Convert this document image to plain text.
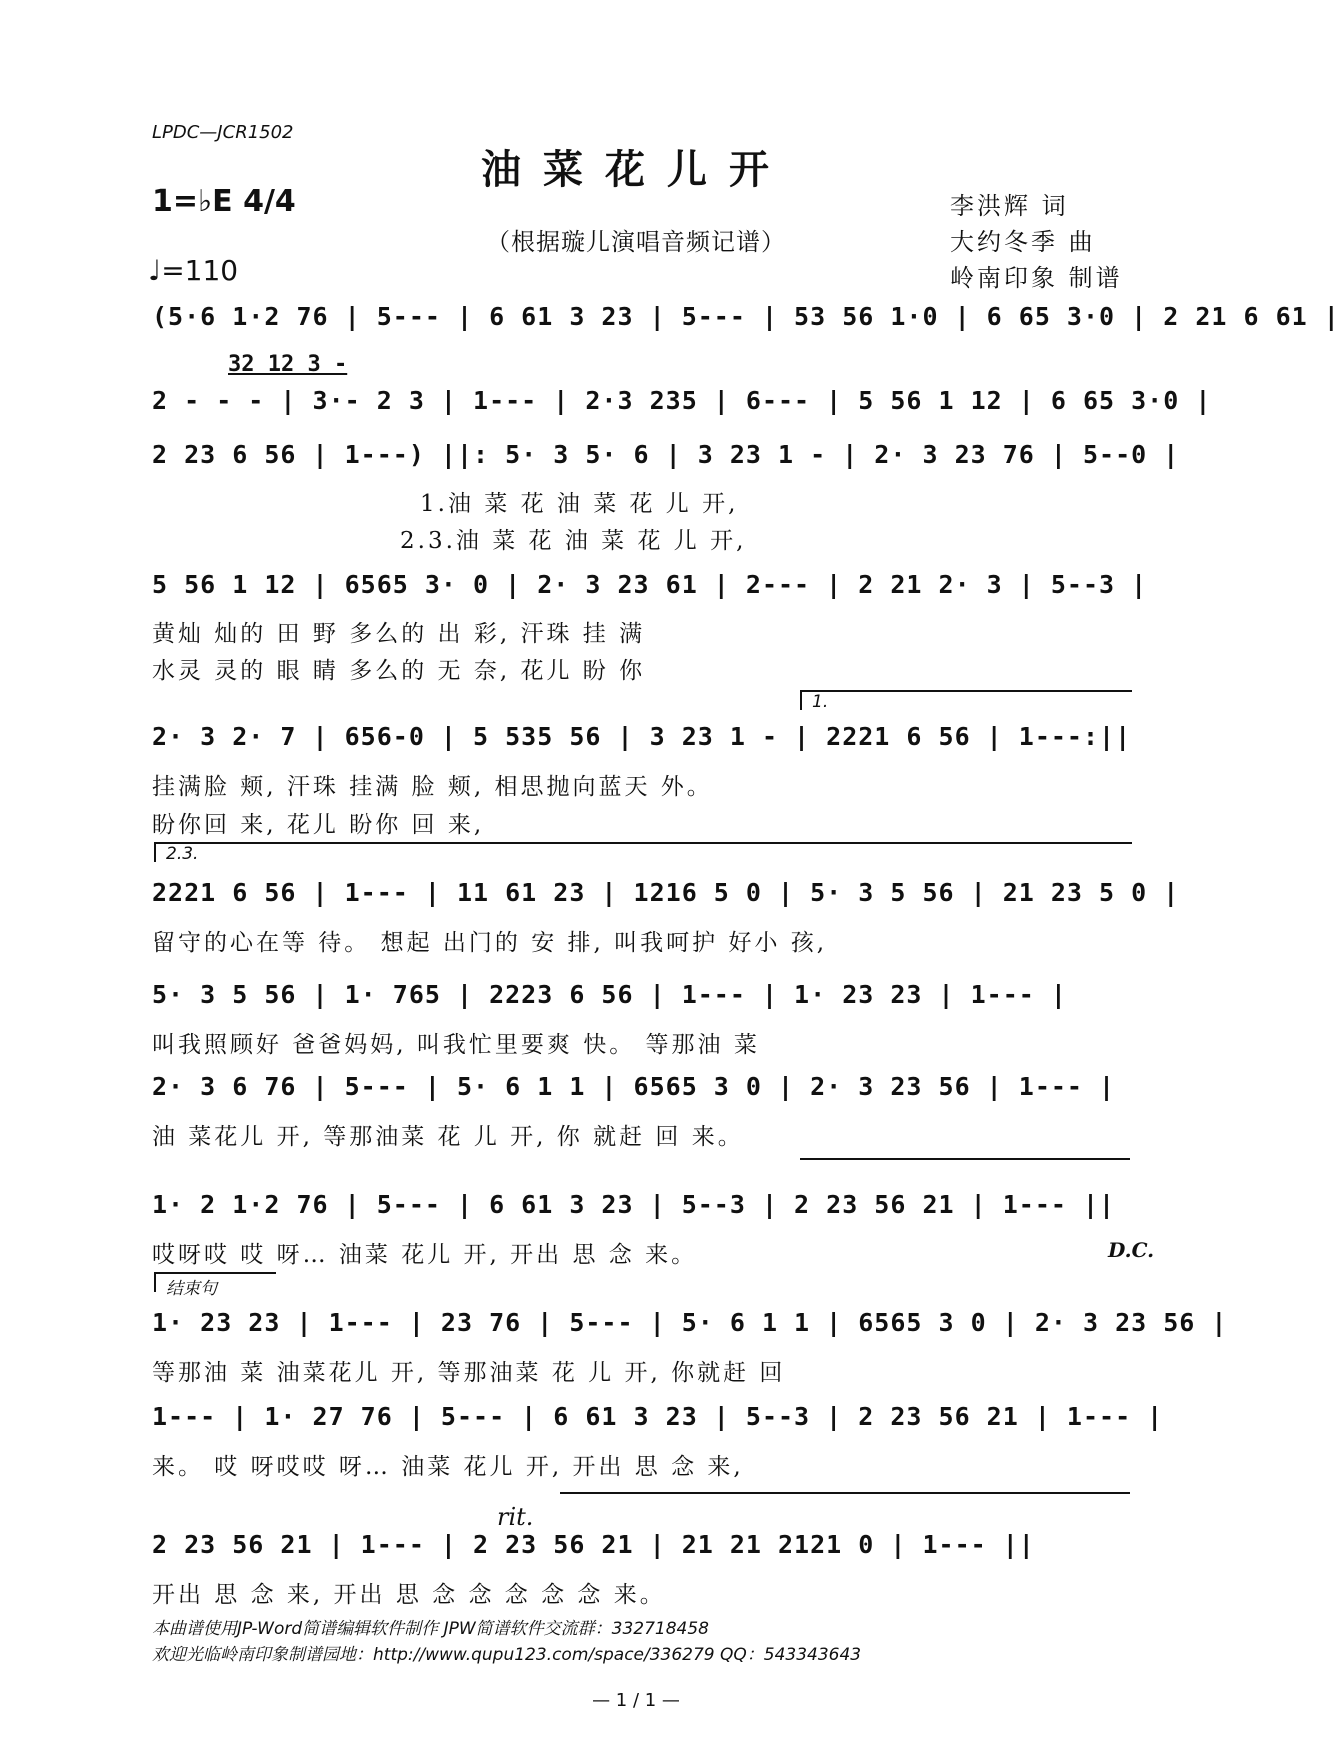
LPDC—JCR1502
油菜花儿开
1=♭E 4/4
（根据璇儿演唱音频记谱）
♩=110
李洪辉 词
大约冬季 曲
岭南印象 制谱
(5·6 1·2 76 | 5--- | 6 61 3 23 | 5--- | 53 56 1·0 | 6 65 3·0 | 2 21 6 61 |
32 12 3 -
2 - - - | 3·- 2 3 | 1--- | 2·3 235 | 6--- | 5 56 1 12 | 6 65 3·0 |
2 23 6 56 | 1---) ||: 5· 3 5· 6 | 3 23 1 - | 2· 3 23 76 | 5--0 |
1.油 菜 花 油 菜 花 儿 开,
2.3.油 菜 花 油 菜 花 儿 开,
5 56 1 12 | 6565 3· 0 | 2· 3 23 61 | 2--- | 2 21 2· 3 | 5--3 |
黄灿 灿的 田 野 多么的 出 彩, 汗珠 挂 满
水灵 灵的 眼 睛 多么的 无 奈, 花儿 盼 你
1.
2· 3 2· 7 | 656-0 | 5 535 56 | 3 23 1 - | 2221 6 56 | 1---:||
挂满脸 颊, 汗珠 挂满 脸 颊, 相思抛向蓝天 外。
盼你回 来, 花儿 盼你 回 来,
2.3.
2221 6 56 | 1--- | 11 61 23 | 1216 5 0 | 5· 3 5 56 | 21 23 5 0 |
留守的心在等 待。 想起 出门的 安 排, 叫我呵护 好小 孩,
5· 3 5 56 | 1· 765 | 2223 6 56 | 1--- | 1· 23 23 | 1--- |
叫我照顾好 爸爸妈妈, 叫我忙里要爽 快。 等那油 菜
2· 3 6 76 | 5--- | 5· 6 1 1 | 6565 3 0 | 2· 3 23 56 | 1--- |
油 菜花儿 开, 等那油菜 花 儿 开, 你 就赶 回 来。
1· 2 1·2 76 | 5--- | 6 61 3 23 | 5--3 | 2 23 56 21 | 1--- ||
哎呀哎 哎 呀… 油菜 花儿 开, 开出 思 念 来。	D.C.
结束句
1· 23 23 | 1--- | 23 76 | 5--- | 5· 6 1 1 | 6565 3 0 | 2· 3 23 56 |
等那油 菜 油菜花儿 开, 等那油菜 花 儿 开, 你就赶 回
1--- | 1· 27 76 | 5--- | 6 61 3 23 | 5--3 | 2 23 56 21 | 1--- |
来。 哎 呀哎哎 呀… 油菜 花儿 开, 开出 思 念 来,
rit.
2 23 56 21 | 1--- | 2 23 56 21 | 21 21 2121 0 | 1--- ||
开出 思 念 来, 开出 思 念 念 念 念 念 来。
本曲谱使用JP-Word简谱编辑软件制作 JPW简谱软件交流群：332718458
欢迎光临岭南印象制谱园地：http://www.qupu123.com/space/336279 QQ：543343643
— 1 / 1 —
